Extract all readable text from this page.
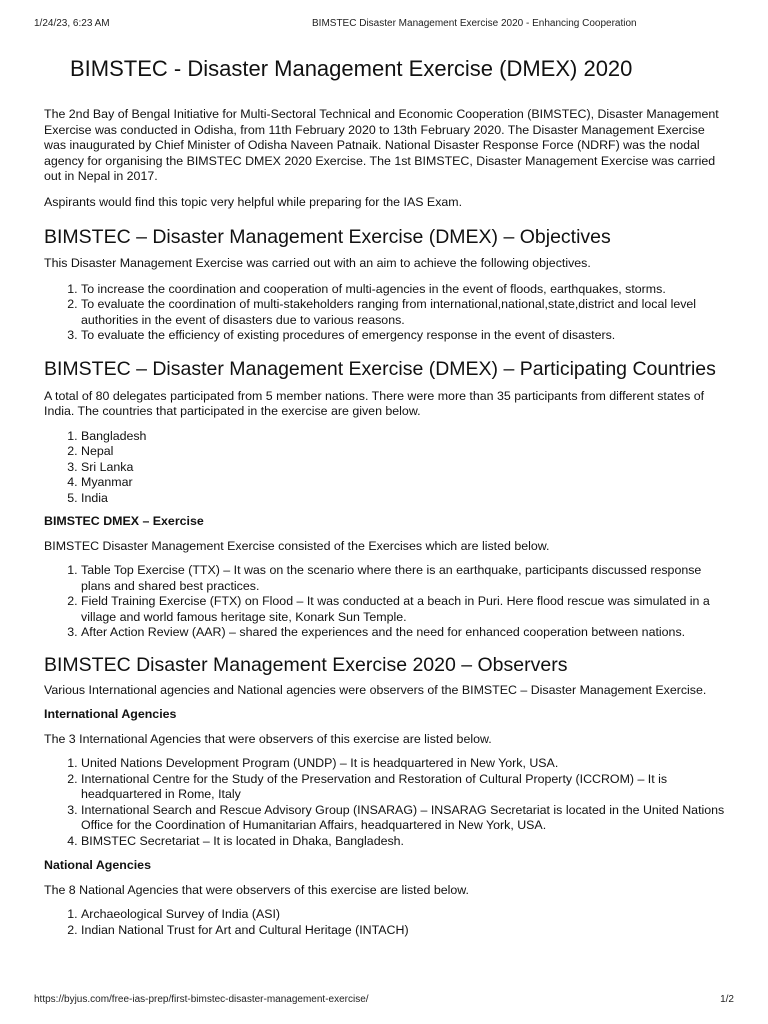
1/24/23, 6:23 AM	BIMSTEC Disaster Management Exercise 2020 - Enhancing Cooperation
BIMSTEC - Disaster Management Exercise (DMEX) 2020

The 2nd Bay of Bengal Initiative for Multi-Sectoral Technical and Economic Cooperation (BIMSTEC), Disaster Management Exercise was conducted in Odisha, from 11th February 2020 to 13th February 2020. The Disaster Management Exercise was inaugurated by Chief Minister of Odisha Naveen Patnaik. National Disaster Response Force (NDRF) was the nodal agency for organising the BIMSTEC DMEX 2020 Exercise. The 1st BIMSTEC, Disaster Management Exercise was carried out in Nepal in 2017.

Aspirants would find this topic very helpful while preparing for the IAS Exam.

BIMSTEC – Disaster Management Exercise (DMEX) – Objectives

This Disaster Management Exercise was carried out with an aim to achieve the following objectives.

1. To increase the coordination and cooperation of multi-agencies in the event of floods, earthquakes, storms.
2. To evaluate the coordination of multi-stakeholders ranging from international,national,state,district and local level authorities in the event of disasters due to various reasons.
3. To evaluate the efficiency of existing procedures of emergency response in the event of disasters.
BIMSTEC – Disaster Management Exercise (DMEX) – Participating Countries

A total of 80 delegates participated from 5 member nations. There were more than 35 participants from different states of India. The countries that participated in the exercise are given below.

1. Bangladesh
2. Nepal
3. Sri Lanka
4. Myanmar
5. India
BIMSTEC DMEX – Exercise

BIMSTEC Disaster Management Exercise consisted of the Exercises which are listed below.

1. Table Top Exercise (TTX) – It was on the scenario where there is an earthquake, participants discussed response plans and shared best practices.
2. Field Training Exercise (FTX) on Flood – It was conducted at a beach in Puri. Here flood rescue was simulated in a village and world famous heritage site, Konark Sun Temple.
3. After Action Review (AAR) – shared the experiences and the need for enhanced cooperation between nations.
BIMSTEC Disaster Management Exercise 2020 – Observers

Various International agencies and National agencies were observers of the BIMSTEC – Disaster Management Exercise.

International Agencies

The 3 International Agencies that were observers of this exercise are listed below.

1. United Nations Development Program (UNDP) – It is headquartered in New York, USA.
2. International Centre for the Study of the Preservation and Restoration of Cultural Property (ICCROM) – It is headquartered in Rome, Italy
3. International Search and Rescue Advisory Group (INSARAG) – INSARAG Secretariat is located in the United Nations Office for the Coordination of Humanitarian Affairs, headquartered in New York, USA.
4. BIMSTEC Secretariat – It is located in Dhaka, Bangladesh.
National Agencies

The 8 National Agencies that were observers of this exercise are listed below.

1. Archaeological Survey of India (ASI)
2. Indian National Trust for Art and Cultural Heritage (INTACH)
https://byjus.com/free-ias-prep/first-bimstec-disaster-management-exercise/	1/2
